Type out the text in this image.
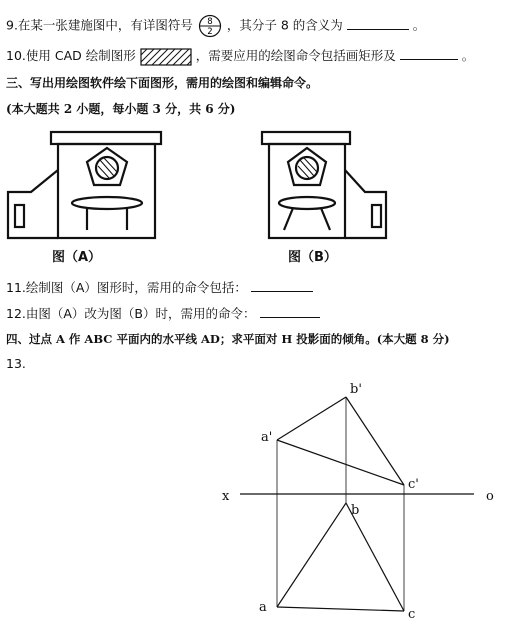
9.在某一张建施图中，有详图符号 8
2 ，其分子 8 的含义为	。
10.使用 CAD 绘制图形	，需要应用的绘图命令包括画矩形及	。
三、写出用绘图软件绘下面图形，需用的绘图和编辑命令。
(本大题共 2 小题，每小题 3 分，共 6 分)
图（A）	图（B）
11.绘制图（A）图形时，需用的命令包括：
12.由图（A）改为图（B）时，需用的命令：
四、过点 A 作 ABC 平面内的水平线 AD；求平面对 H 投影面的倾角。(本大题 8 分)
13.
b'
a'
c'
x	o
b
a	c
